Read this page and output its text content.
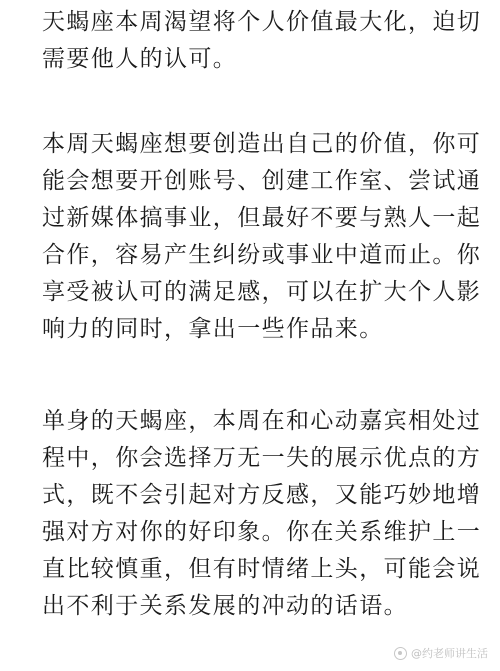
天蝎座本周渴望将个人价值最大化，迫切
需要他人的认可。
本周天蝎座想要创造出自己的价值，你可
能会想要开创账号、创建工作室、尝试通
过新媒体搞事业，但最好不要与熟人一起
合作，容易产生纠纷或事业中道而止。你
享受被认可的满足感，可以在扩大个人影
响力的同时，拿出一些作品来。
单身的天蝎座，本周在和心动嘉宾相处过
程中，你会选择万无一失的展示优点的方
式，既不会引起对方反感，又能巧妙地增
强对方对你的好印象。你在关系维护上一
直比较慎重，但有时情绪上头，可能会说
出不利于关系发展的冲动的话语。
@约老师讲生活
